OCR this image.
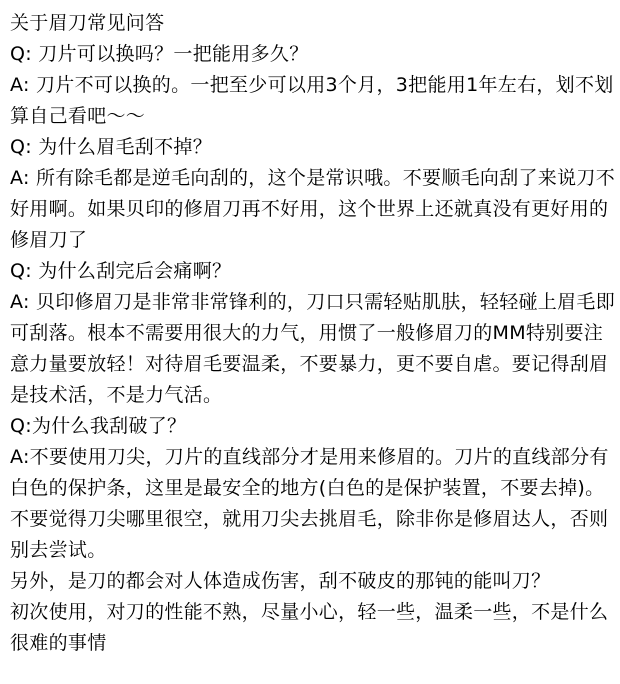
关于眉刀常见问答

Q: 刀片可以换吗？一把能用多久？

A: 刀片不可以换的。一把至少可以用3个月，3把能用1年左右，划不划算自己看吧～～

Q: 为什么眉毛刮不掉？

A: 所有除毛都是逆毛向刮的，这个是常识哦。不要顺毛向刮了来说刀不好用啊。如果贝印的修眉刀再不好用，这个世界上还就真没有更好用的修眉刀了

Q: 为什么刮完后会痛啊？

A: 贝印修眉刀是非常非常锋利的，刀口只需轻贴肌肤，轻轻碰上眉毛即可刮落。根本不需要用很大的力气，用惯了一般修眉刀的MM特别要注意力量要放轻！对待眉毛要温柔，不要暴力，更不要自虐。要记得刮眉是技术活，不是力气活。

Q:为什么我刮破了？

A:不要使用刀尖，刀片的直线部分才是用来修眉的。刀片的直线部分有白色的保护条，这里是最安全的地方(白色的是保护装置，不要去掉)。不要觉得刀尖哪里很空，就用刀尖去挑眉毛，除非你是修眉达人，否则别去尝试。

另外，是刀的都会对人体造成伤害，刮不破皮的那钝的能叫刀？

初次使用，对刀的性能不熟，尽量小心，轻一些，温柔一些，不是什么很难的事情
